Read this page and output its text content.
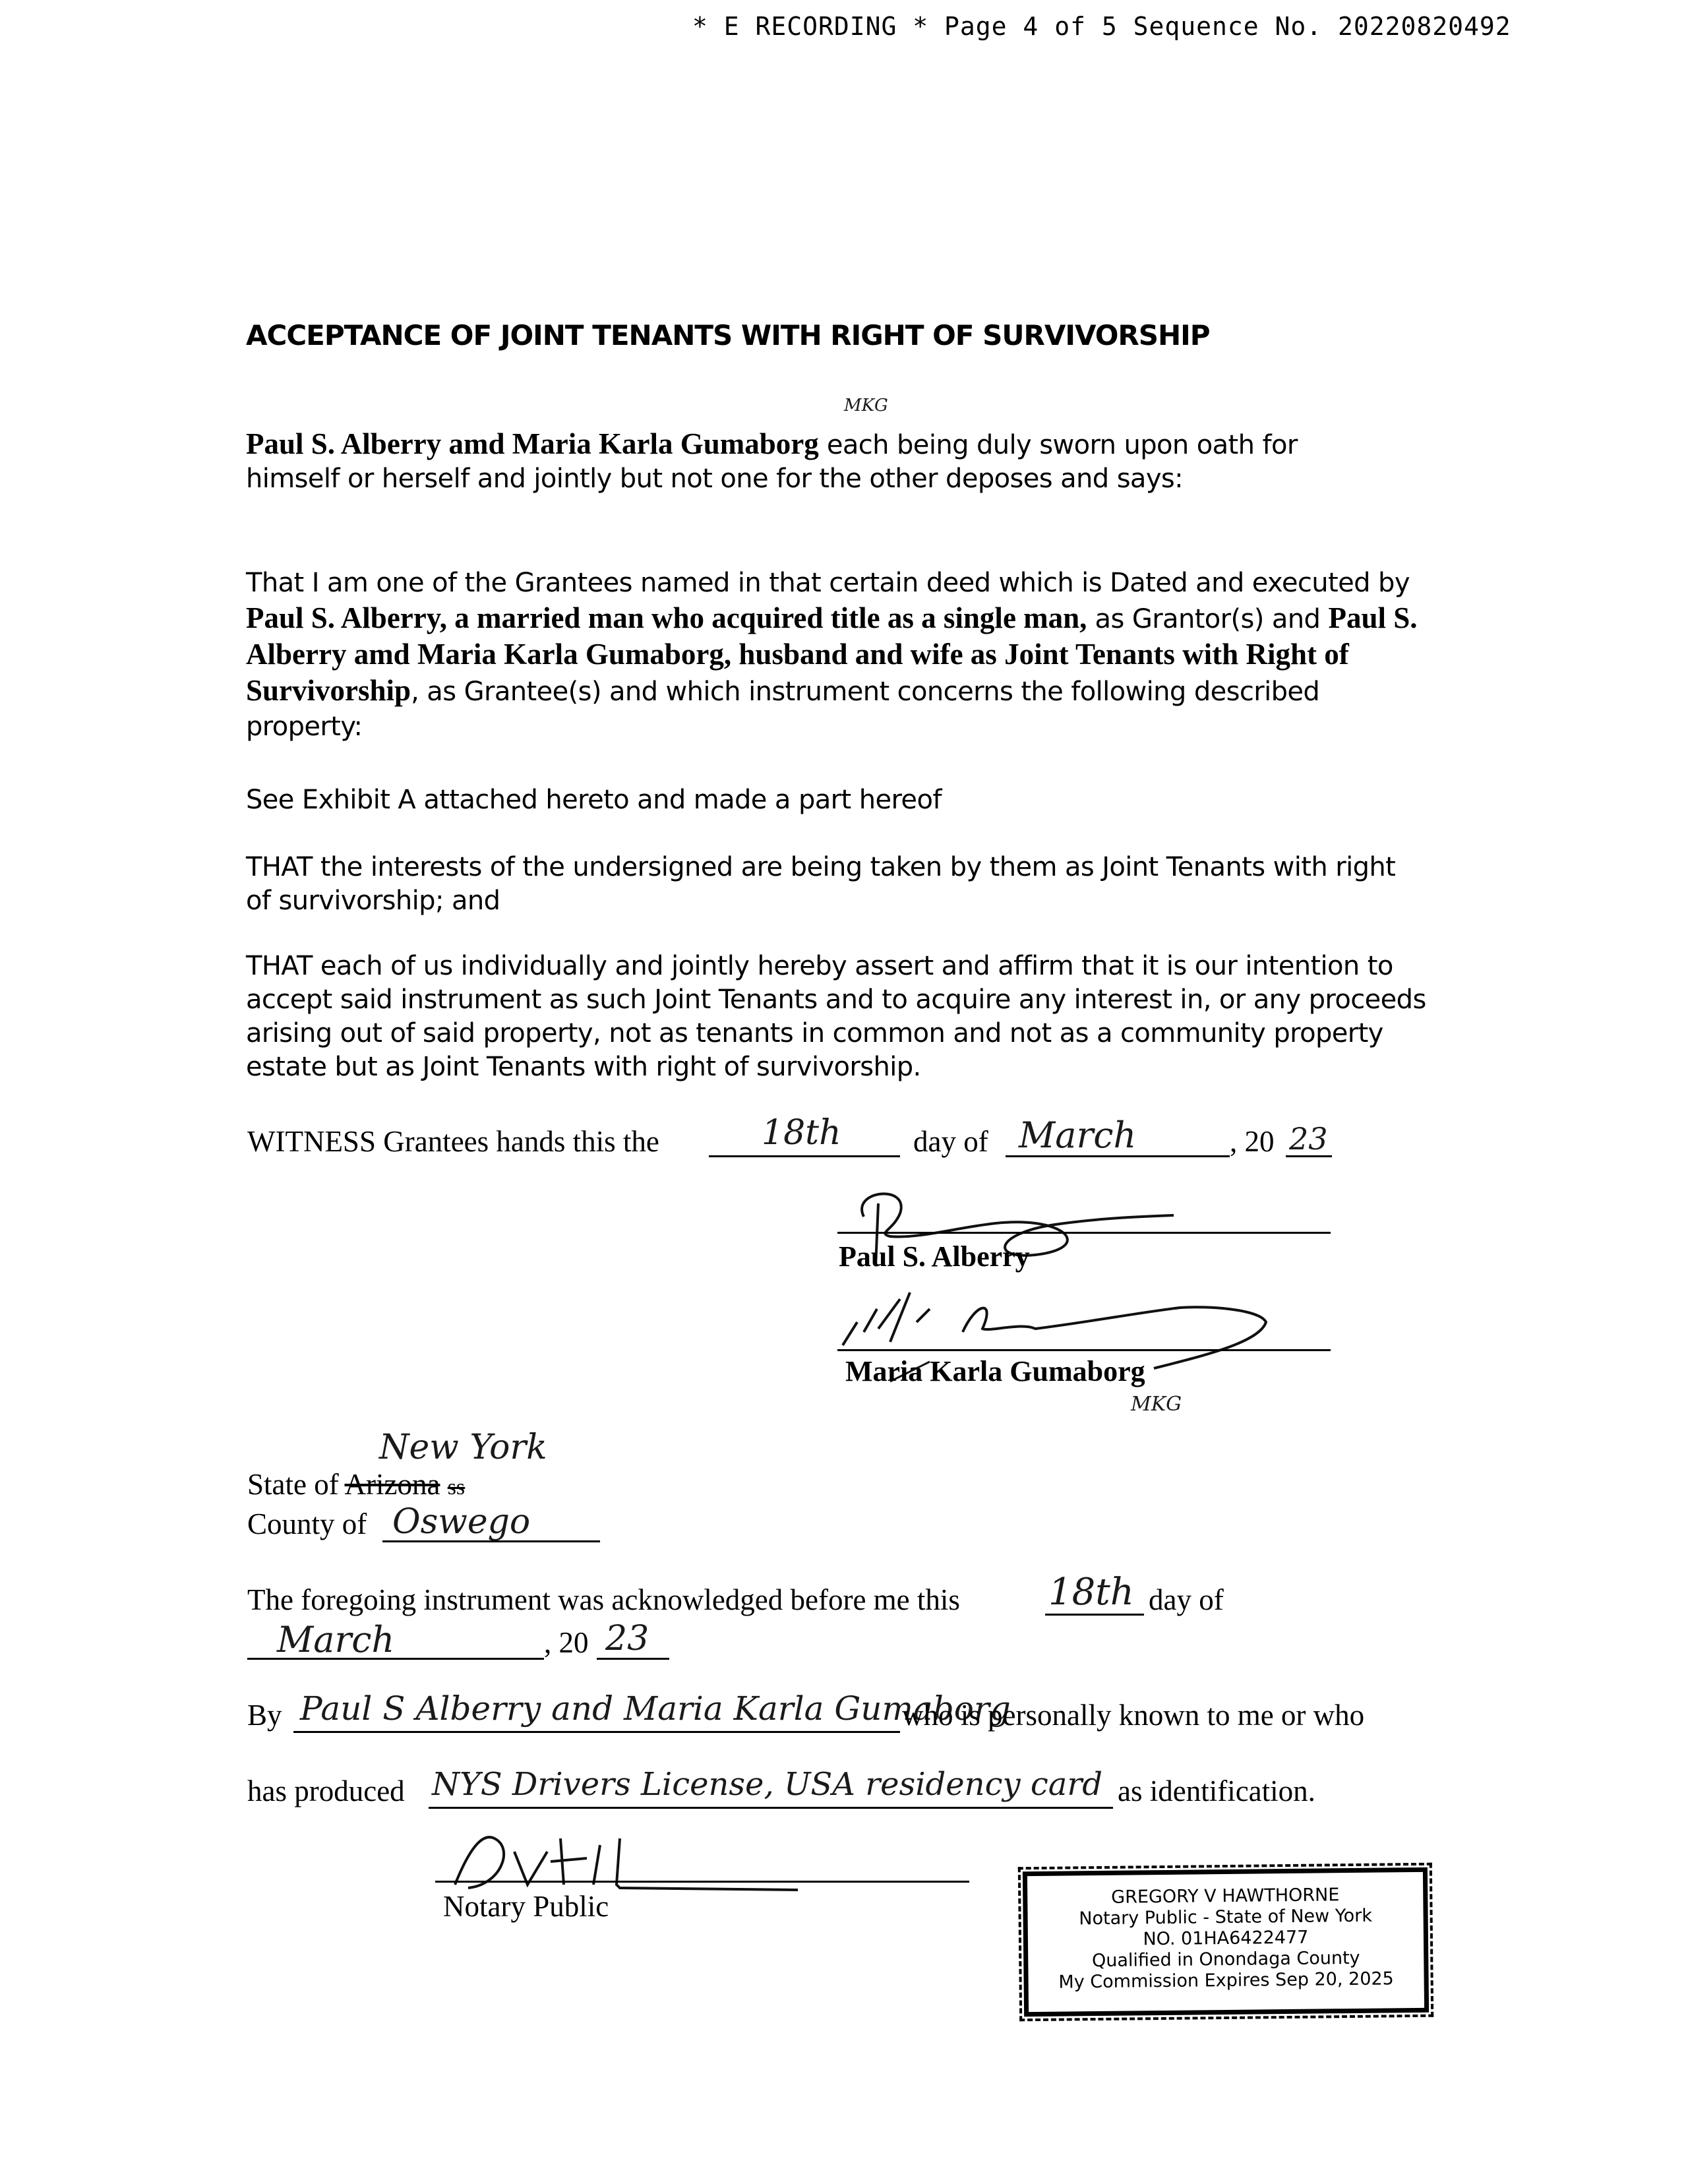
* E RECORDING * Page 4 of 5 Sequence No. 20220820492
ACCEPTANCE OF JOINT TENANTS WITH RIGHT OF SURVIVORSHIP
MKG
Paul S. Alberry amd Maria Karla Gumaborg each being duly sworn upon oath for
himself or herself and jointly but not one for the other deposes and says:
That I am one of the Grantees named in that certain deed which is Dated and executed by Paul S. Alberry, a married man who acquired title as a single man, as Grantor(s) and Paul S. Alberry amd Maria Karla Gumaborg, husband and wife as Joint Tenants with Right of Survivorship, as Grantee(s) and which instrument concerns the following described property:
See Exhibit A attached hereto and made a part hereof
THAT the interests of the undersigned are being taken by them as Joint Tenants with right of survivorship; and
THAT each of us individually and jointly hereby assert and affirm that it is our intention to accept said instrument as such Joint Tenants and to acquire any interest in, or any proceeds arising out of said property, not as tenants in common and not as a community property estate but as Joint Tenants with right of survivorship.
WITNESS Grantees hands this the	18th day of March	, 20 23
Paul S. Alberry
Maria Karla Gumaborg
MKG
New York
State of Arizona ss
County of Oswego
The foregoing instrument was acknowledged before me this 18th day of
March	, 20 23
By Paul S Alberry and Maria Karla Gumaborg
who is personally known to me or who
has produced NYS Drivers License, USA residency card as identification.
Notary Public	GREGORY V HAWTHORNE
Notary Public - State of New York
NO. 01HA6422477
Qualified in Onondaga County
My Commission Expires Sep 20, 2025
